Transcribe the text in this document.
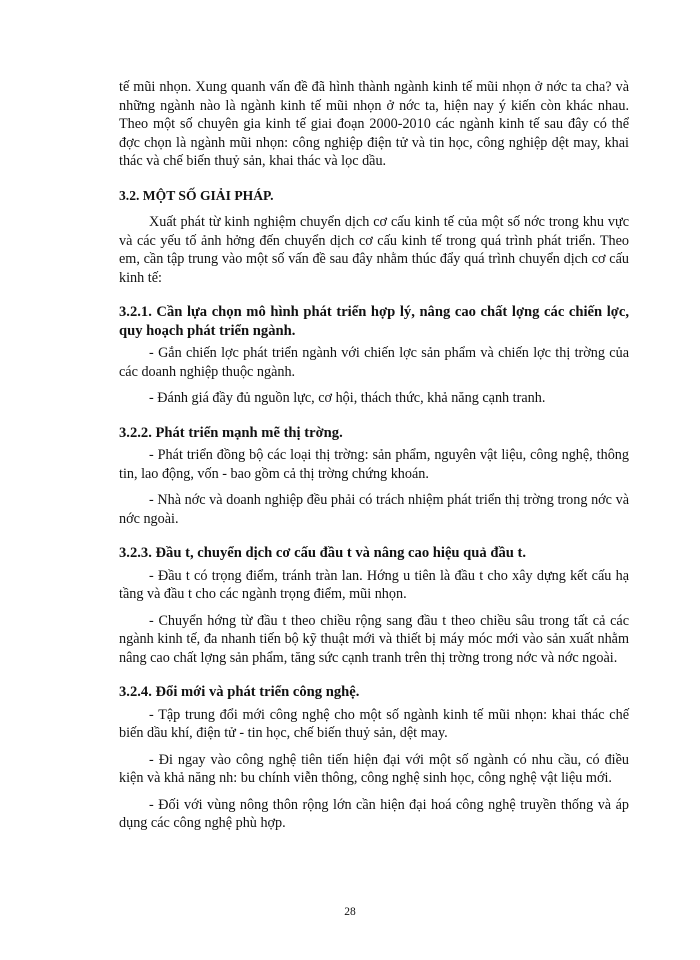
tế mũi nhọn. Xung quanh vấn đề đã hình thành ngành kinh tế mũi nhọn ở nớc ta cha? và những ngành nào là ngành kinh tế mũi nhọn ở nớc ta, hiện nay ý kiến còn khác nhau. Theo một số chuyên gia kinh tế giai đoạn 2000-2010 các ngành kinh tế sau đây có thể đợc chọn là ngành mũi nhọn: công nghiệp điện tử và tin học, công nghiệp dệt may, khai thác và chế biến thuỷ sản, khai thác và lọc dầu.

3.2. MỘT SỐ GIẢI PHÁP.

Xuất phát từ kinh nghiệm chuyển dịch cơ cấu kinh tế của một số nớc trong khu vực và các yếu tố ảnh hởng đến chuyển dịch cơ cấu kinh tế trong quá trình phát triển. Theo em, cần tập trung vào một số vấn đề sau đây nhằm thúc đẩy quá trình chuyển dịch cơ cấu kinh tế:

3.2.1. Cần lựa chọn mô hình phát triển hợp lý, nâng cao chất lợng các chiến lợc, quy hoạch phát triển ngành.

- Gắn chiến lợc phát triển ngành với chiến lợc sản phẩm và chiến lợc thị trờng của các doanh nghiệp thuộc ngành.

- Đánh giá đầy đủ nguồn lực, cơ hội, thách thức, khả năng cạnh tranh.

3.2.2. Phát triển mạnh mẽ thị trờng.

- Phát triển đồng bộ các loại thị trờng: sản phẩm, nguyên vật liệu, công nghệ, thông tin, lao động, vốn - bao gồm cả thị trờng chứng khoán.

- Nhà nớc và doanh nghiệp đều phải có trách nhiệm phát triển thị trờng trong nớc và nớc ngoài.

3.2.3. Đầu t, chuyển dịch cơ cấu đầu t và nâng cao hiệu quả đầu t.

- Đầu t có trọng điểm, tránh tràn lan. Hớng u tiên là đầu t cho xây dựng kết cấu hạ tầng và đầu t cho các ngành trọng điểm, mũi nhọn.

- Chuyển hớng từ đầu t theo chiều rộng sang đầu t theo chiều sâu trong tất cả các ngành kinh tế, đa nhanh tiến bộ kỹ thuật mới và thiết bị máy móc mới vào sản xuất nhằm nâng cao chất lợng sản phẩm, tăng sức cạnh tranh trên thị trờng trong nớc và nớc ngoài.

3.2.4. Đổi mới và phát triển công nghệ.

- Tập trung đổi mới công nghệ cho một số ngành kinh tế mũi nhọn: khai thác chế biến dầu khí, điện tử - tin học, chế biến thuỷ sản, dệt may.

- Đi ngay vào công nghệ tiên tiến hiện đại với một số ngành có nhu cầu, có điều kiện và khả năng nh: bu chính viễn thông, công nghệ sinh học, công nghệ vật liệu mới.

- Đối với vùng nông thôn rộng lớn cần hiện đại hoá công nghệ truyền thống và áp dụng các công nghệ phù hợp.

28
